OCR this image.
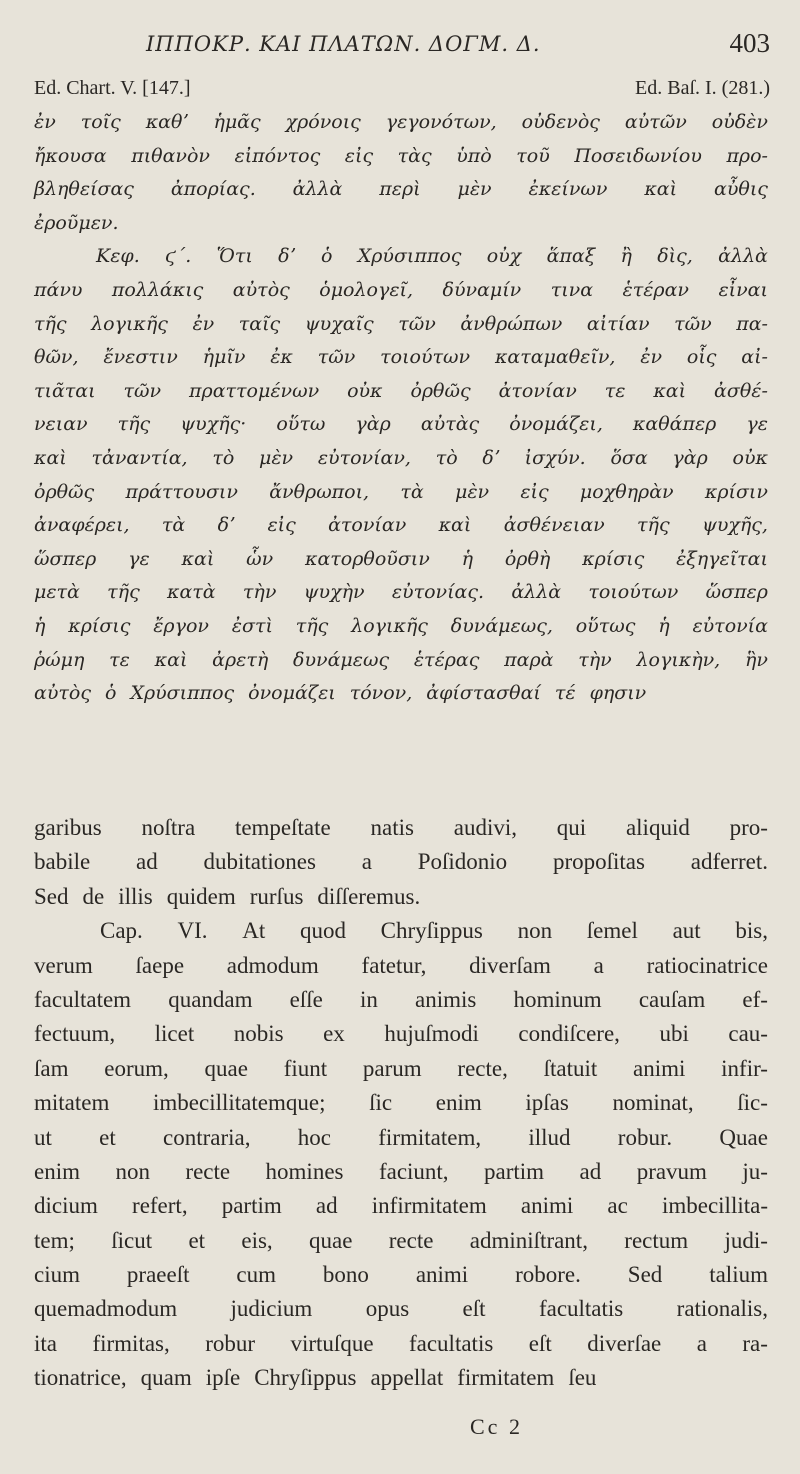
ΙΠΠΟΚΡ. ΚΑΙ ΠΛΑΤΩΝ. ΔΟΓΜ. Δ.	403
Ed. Chart. V. [147.]	Ed. Baſ. I. (281.)
ἐν τοῖς καθʼ ἡμᾶς χρόνοις γεγονότων, οὐδενὸς αὐτῶν οὐδὲν
ἤκουσα πιθανὸν εἰπόντος εἰς τὰς ὑπὸ τοῦ Ποσειδωνίου προ-
βληθείσας ἀπορίας. ἀλλὰ περὶ μὲν ἐκείνων καὶ αὖθις
ἐροῦμεν.
Κεφ. ϛ΄. Ὅτι δʼ ὁ Χρύσιππος οὐχ ἅπαξ ἢ δὶς, ἀλλὰ
πάνυ πολλάκις αὐτὸς ὁμολογεῖ, δύναμίν τινα ἑτέραν εἶναι
τῆς λογικῆς ἐν ταῖς ψυχαῖς τῶν ἀνθρώπων αἰτίαν τῶν πα-
θῶν, ἔνεστιν ἡμῖν ἐκ τῶν τοιούτων καταμαθεῖν, ἐν οἷς αἰ-
τιᾶται τῶν πραττομένων οὐκ ὀρθῶς ἀτονίαν τε καὶ ἀσθέ-
νειαν τῆς ψυχῆς· οὕτω γὰρ αὐτὰς ὀνομάζει, καθάπερ γε
καὶ τἀναντία, τὸ μὲν εὐτονίαν, τὸ δʼ ἰσχύν. ὅσα γὰρ οὐκ
ὀρθῶς πράττουσιν ἄνθρωποι, τὰ μὲν εἰς μοχθηρὰν κρίσιν
ἀναφέρει, τὰ δʼ εἰς ἀτονίαν καὶ ἀσθένειαν τῆς ψυχῆς,
ὥσπερ γε καὶ ὧν κατορθοῦσιν ἡ ὀρθὴ κρίσις ἐξηγεῖται
μετὰ τῆς κατὰ τὴν ψυχὴν εὐτονίας. ἀλλὰ τοιούτων ὥσπερ
ἡ κρίσις ἔργον ἐστὶ τῆς λογικῆς δυνάμεως, οὕτως ἡ εὐτονία
ῥώμη τε καὶ ἀρετὴ δυνάμεως ἑτέρας παρὰ τὴν λογικὴν, ἣν
αὐτὸς ὁ Χρύσιππος ὀνομάζει τόνον, ἀφίστασθαί τέ φησιν
garibus noſtra tempeſtate natis audivi, qui aliquid pro-
babile ad dubitationes a Poſidonio propoſitas adferret.
Sed de illis quidem rurſus diſſeremus.
Cap. VI. At quod Chryſippus non ſemel aut bis,
verum ſaepe admodum fatetur, diverſam a ratiocinatrice
facultatem quandam eſſe in animis hominum cauſam ef-
fectuum, licet nobis ex hujuſmodi condiſcere, ubi cau-
ſam eorum, quae fiunt parum recte, ſtatuit animi infir-
mitatem imbecillitatemque; ſic enim ipſas nominat, ſic-
ut et contraria, hoc firmitatem, illud robur. Quae
enim non recte homines faciunt, partim ad pravum ju-
dicium refert, partim ad infirmitatem animi ac imbecillita-
tem; ſicut et eis, quae recte adminiſtrant, rectum judi-
cium praeeſt cum bono animi robore. Sed talium
quemadmodum judicium opus eſt facultatis rationalis,
ita firmitas, robur virtuſque facultatis eſt diverſae a ra-
tionatrice, quam ipſe Chryſippus appellat firmitatem ſeu
Cc 2
